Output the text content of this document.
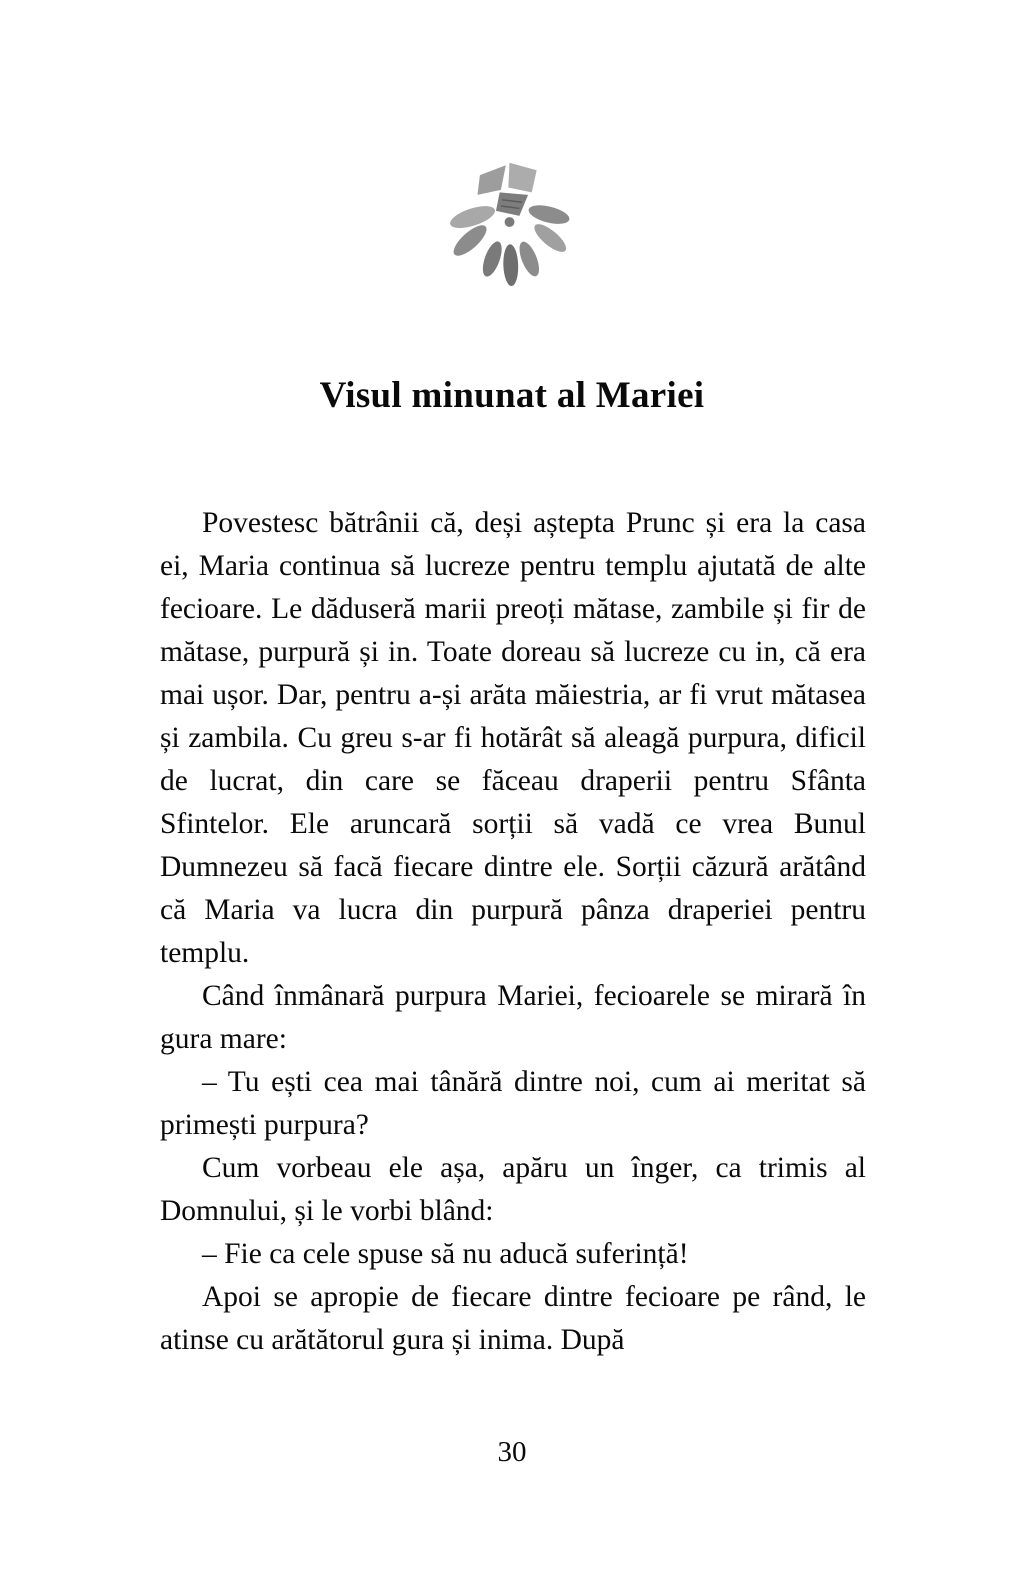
Visul minunat al Mariei

Povestesc bătrânii că, deși aștepta Prunc și era la casa ei, Maria continua să lucreze pentru templu ajutată de alte fecioare. Le dăduseră marii preoți mătase, zambile și fir de mătase, purpură și in. Toate doreau să lucreze cu in, că era mai ușor. Dar, pentru a-și arăta măiestria, ar fi vrut mătasea și zambila. Cu greu s-ar fi hotărât să aleagă purpura, dificil de lucrat, din care se făceau draperii pentru Sfânta Sfintelor. Ele aruncară sorții să vadă ce vrea Bunul Dumnezeu să facă fiecare dintre ele. Sorții căzură arătând că Maria va lucra din purpură pânza draperiei pentru templu.

Când înmânară purpura Mariei, fecioarele se mirară în gura mare:

– Tu ești cea mai tânără dintre noi, cum ai meritat să primești purpura?

Cum vorbeau ele așa, apăru un înger, ca trimis al Domnului, și le vorbi blând:

– Fie ca cele spuse să nu aducă suferință!

Apoi se apropie de fiecare dintre fecioare pe rând, le atinse cu arătătorul gura și inima. După

30
